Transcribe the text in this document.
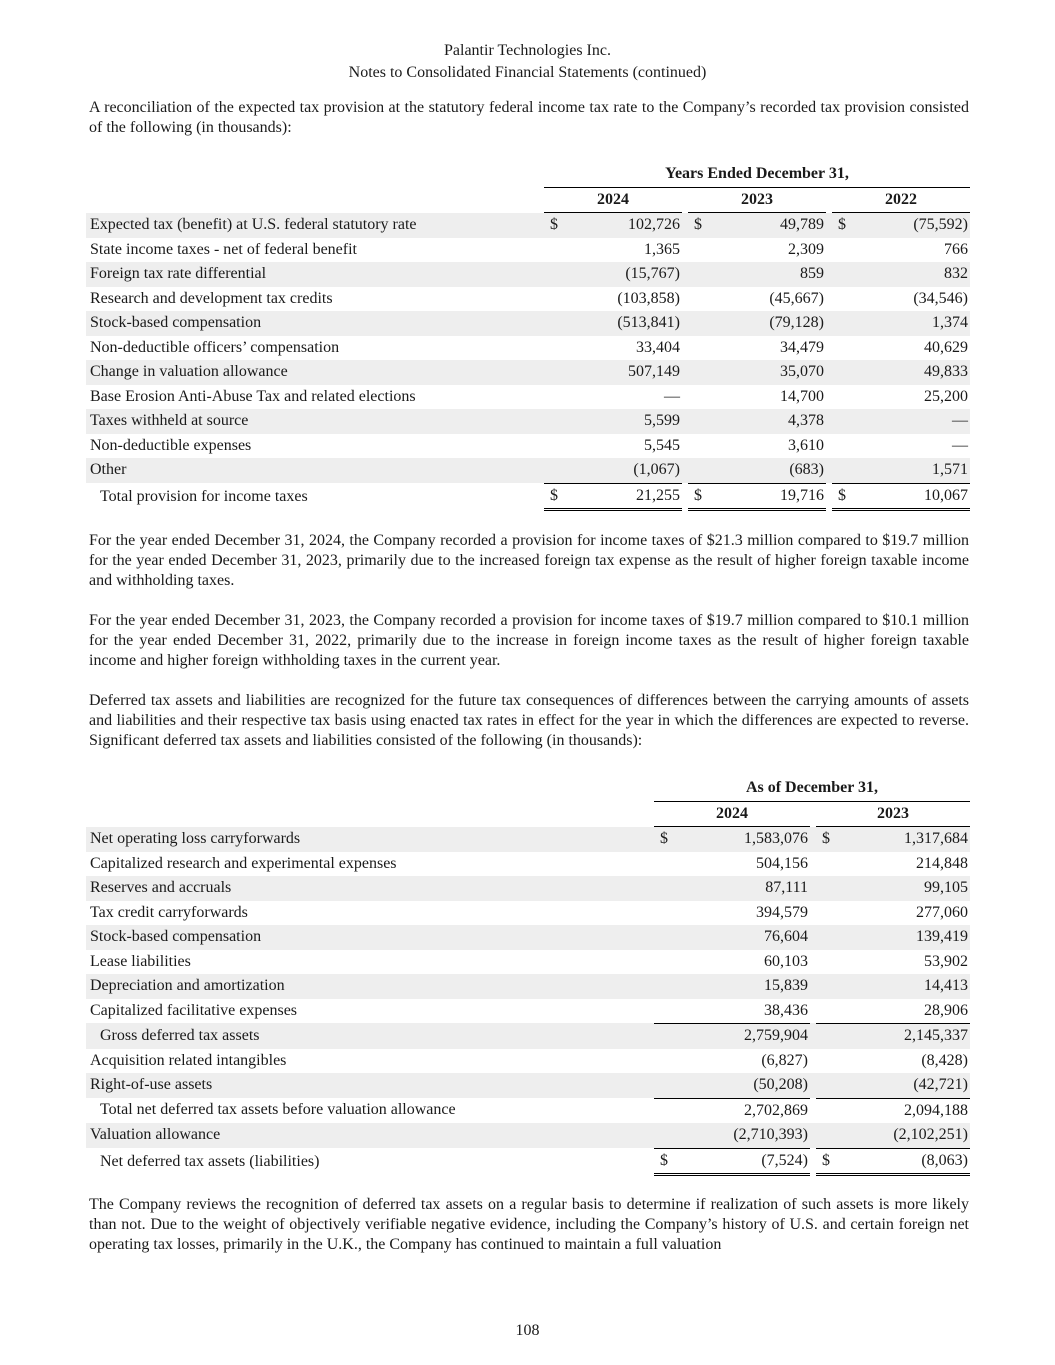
Palantir Technologies Inc.
Notes to Consolidated Financial Statements (continued)

A reconciliation of the expected tax provision at the statutory federal income tax rate to the Company’s recorded tax provision consisted of the following (in thousands):

	Years Ended December 31,							
	2024			2023			2022	
Expected tax (benefit) at U.S. federal statutory rate	$	102,726		$	49,789		$	(75,592)
State income taxes - net of federal benefit		1,365			2,309			766
Foreign tax rate differential		(15,767)			859			832
Research and development tax credits		(103,858)			(45,667)			(34,546)
Stock-based compensation		(513,841)			(79,128)			1,374
Non-deductible officers’ compensation		33,404			34,479			40,629
Change in valuation allowance		507,149			35,070			49,833
Base Erosion Anti-Abuse Tax and related elections		—			14,700			25,200
Taxes withheld at source		5,599			4,378			—
Non-deductible expenses		5,545			3,610			—
Other		(1,067)			(683)			1,571
Total provision for income taxes	$	21,255		$	19,716		$	10,067

For the year ended December 31, 2024, the Company recorded a provision for income taxes of $21.3 million compared to $19.7 million for the year ended December 31, 2023, primarily due to the increased foreign tax expense as the result of higher foreign taxable income and withholding taxes.

For the year ended December 31, 2023, the Company recorded a provision for income taxes of $19.7 million compared to $10.1 million for the year ended December 31, 2022, primarily due to the increase in foreign income taxes as the result of higher foreign taxable income and higher foreign withholding taxes in the current year.

Deferred tax assets and liabilities are recognized for the future tax consequences of differences between the carrying amounts of assets and liabilities and their respective tax basis using enacted tax rates in effect for the year in which the differences are expected to reverse. Significant deferred tax assets and liabilities consisted of the following (in thousands):

	As of December 31,				
	2024			2023	
Net operating loss carryforwards	$	1,583,076		$	1,317,684
Capitalized research and experimental expenses		504,156			214,848
Reserves and accruals		87,111			99,105
Tax credit carryforwards		394,579			277,060
Stock-based compensation		76,604			139,419
Lease liabilities		60,103			53,902
Depreciation and amortization		15,839			14,413
Capitalized facilitative expenses		38,436			28,906
Gross deferred tax assets		2,759,904			2,145,337
Acquisition related intangibles		(6,827)			(8,428)
Right-of-use assets		(50,208)			(42,721)
Total net deferred tax assets before valuation allowance		2,702,869			2,094,188
Valuation allowance		(2,710,393)			(2,102,251)
Net deferred tax assets (liabilities)	$	(7,524)		$	(8,063)

The Company reviews the recognition of deferred tax assets on a regular basis to determine if realization of such assets is more likely than not. Due to the weight of objectively verifiable negative evidence, including the Company’s history of U.S. and certain foreign net operating tax losses, primarily in the U.K., the Company has continued to maintain a full valuation

108
